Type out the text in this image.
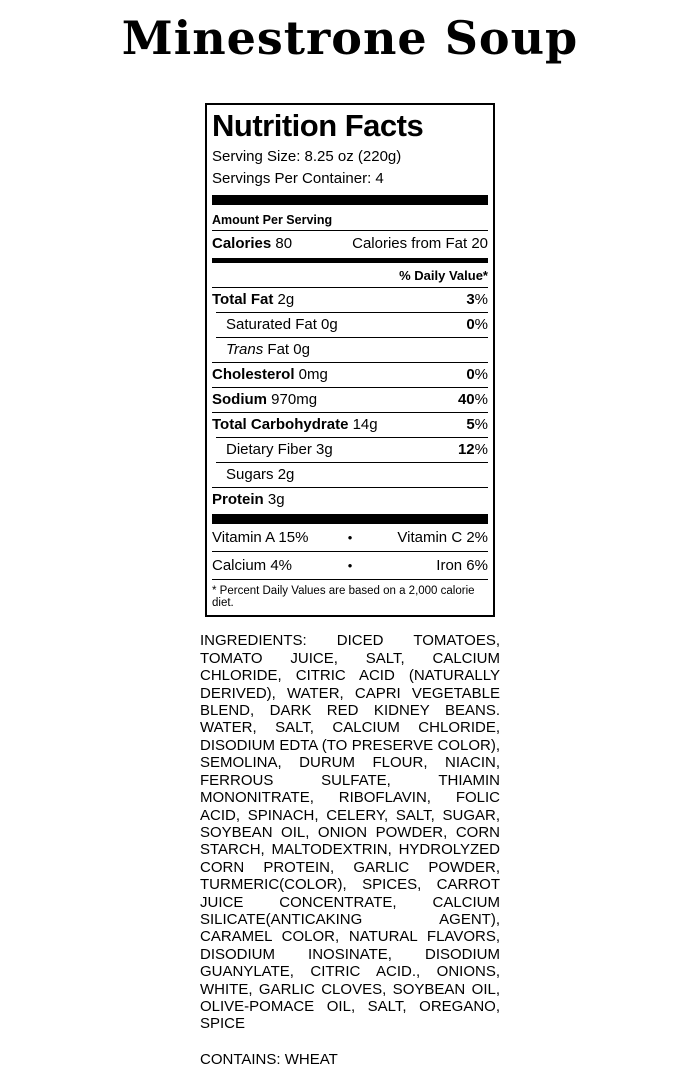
Minestrone Soup
Nutrition Facts
Serving Size: 8.25 oz (220g)
Servings Per Container: 4
Amount Per Serving
Calories 80	Calories from Fat 20
% Daily Value*
Total Fat 2g	3%
Saturated Fat 0g	0%
Trans Fat 0g
Cholesterol 0mg	0%
Sodium 970mg	40%
Total Carbohydrate 14g	5%
Dietary Fiber 3g	12%
Sugars 2g
Protein 3g
Vitamin A 15%	•	Vitamin C 2%
Calcium 4%	•	Iron 6%
* Percent Daily Values are based on a 2,000 calorie diet.
INGREDIENTS: DICED TOMATOES, TOMATO JUICE, SALT, CALCIUM CHLORIDE, CITRIC ACID (NATURALLY DERIVED), WATER, CAPRI VEGETABLE BLEND, DARK RED KIDNEY BEANS. WATER, SALT, CALCIUM CHLORIDE, DISODIUM EDTA (TO PRESERVE COLOR), SEMOLINA, DURUM FLOUR, NIACIN, FERROUS SULFATE, THIAMIN MONONITRATE, RIBOFLAVIN, FOLIC ACID, SPINACH, CELERY, SALT, SUGAR, SOYBEAN OIL, ONION POWDER, CORN STARCH, MALTODEXTRIN, HYDROLYZED CORN PROTEIN, GARLIC POWDER, TURMERIC(COLOR), SPICES, CARROT JUICE CONCENTRATE, CALCIUM SILICATE(ANTICAKING AGENT), CARAMEL COLOR, NATURAL FLAVORS, DISODIUM INOSINATE, DISODIUM GUANYLATE, CITRIC ACID., ONIONS, WHITE, GARLIC CLOVES, SOYBEAN OIL, OLIVE-POMACE OIL, SALT, OREGANO, SPICE
CONTAINS: WHEAT
